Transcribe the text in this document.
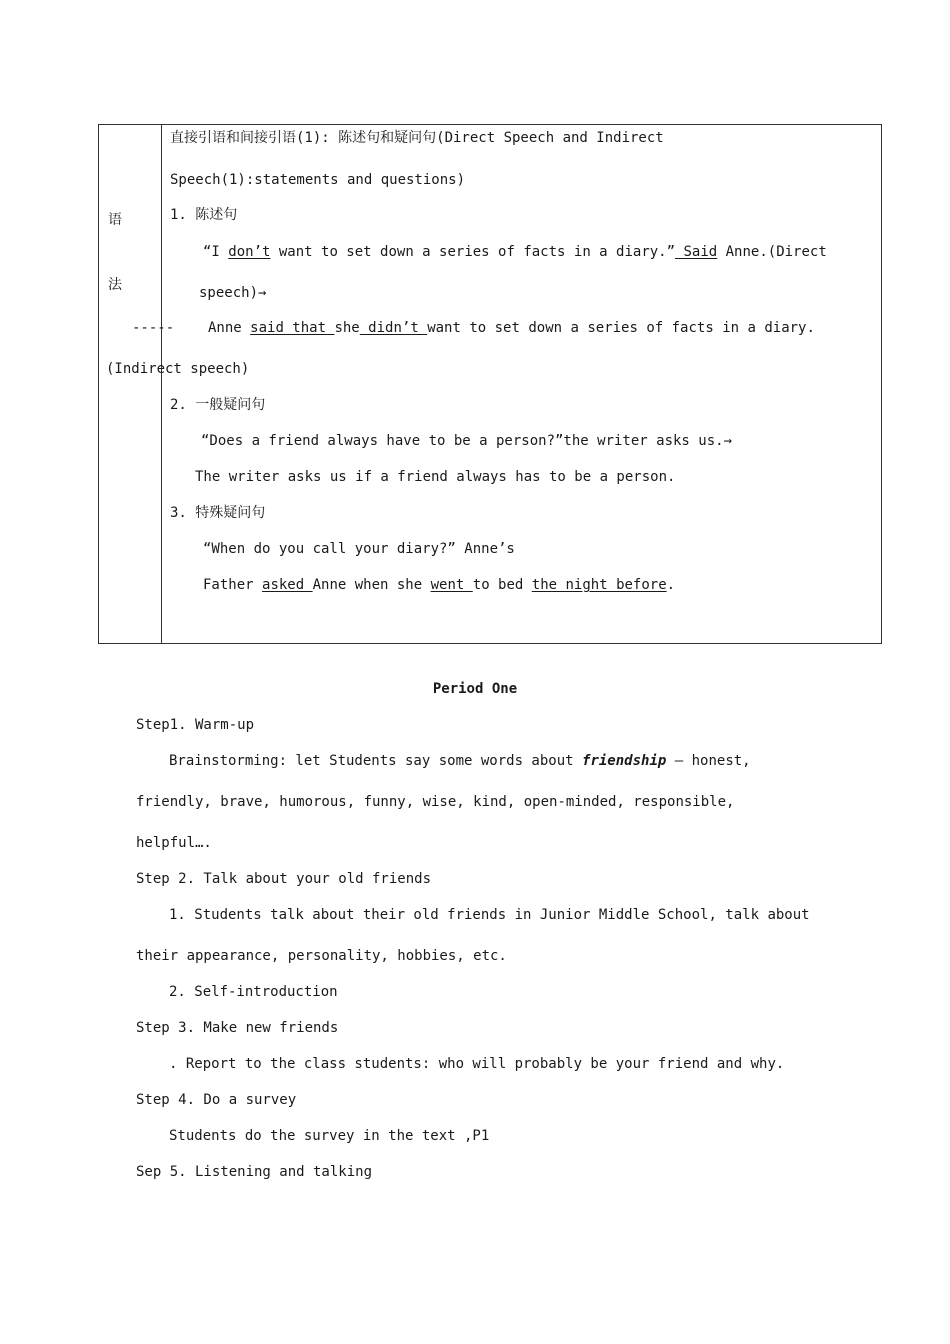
语
法
-----
直接引语和间接引语(1): 陈述句和疑问句(Direct Speech and Indirect
Speech(1):statements and questions)
1. 陈述句
“I don’t want to set down a series of facts in a diary.” Said Anne.(Direct
speech)→
Anne said that she didn’t want to set down a series of facts in a diary.
(Indirect speech)
2. 一般疑问句
“Does a friend always have to be a person?”the writer asks us.→
The writer asks us if a friend always has to be a person.
3. 特殊疑问句
“When do you call your diary?” Anne’s
Father asked Anne when she went to bed the night before.
Period One
Step1. Warm-up
Brainstorming: let Students say some words about friendship – honest,
friendly, brave, humorous, funny, wise, kind, open-minded, responsible,
helpful….
Step 2. Talk about your old friends
1. Students talk about their old friends in Junior Middle School, talk about
their appearance, personality, hobbies, etc.
2. Self-introduction
Step 3. Make new friends
. Report to the class students: who will probably be your friend and why.
Step 4. Do a survey
Students do the survey in the text ,P1
Sep 5. Listening and talking
